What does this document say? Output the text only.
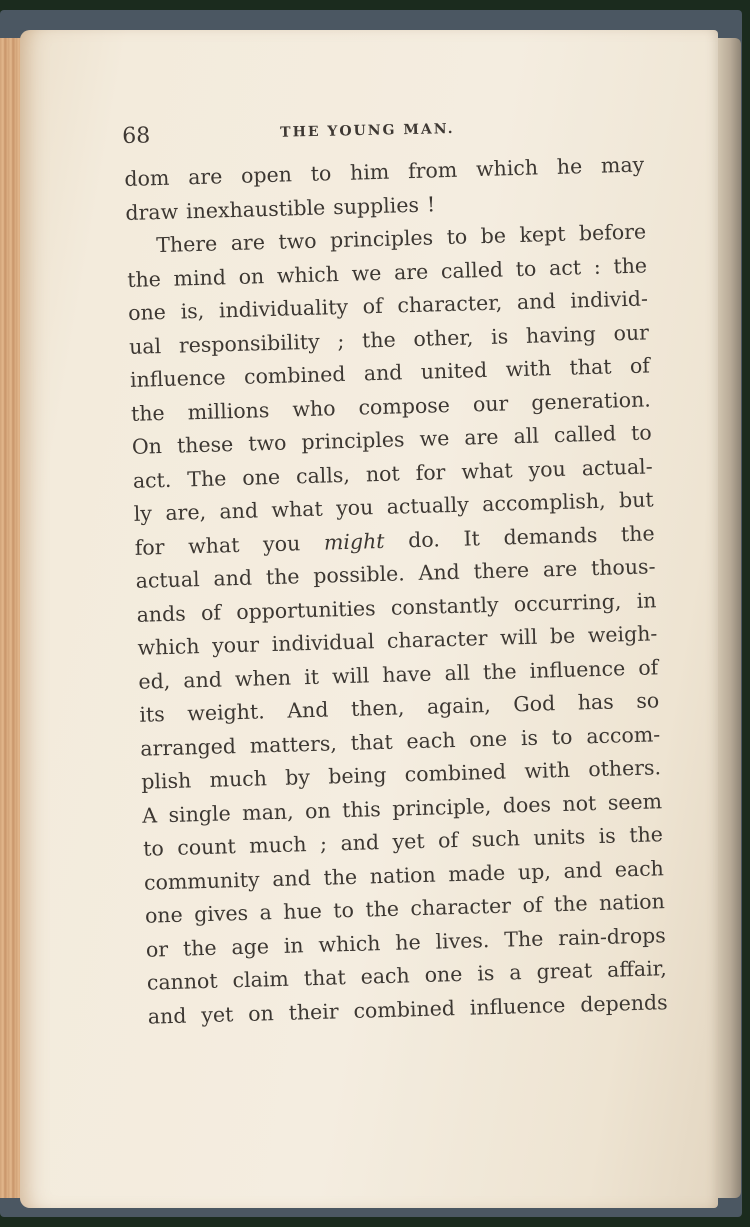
68	THE YOUNG MAN.
dom are open to him from which he may
draw inexhaustible supplies !
There are two principles to be kept before
the mind on which we are called to act : the
one is, individuality of character, and individ-
ual responsibility ; the other, is having our
influence combined and united with that of
the millions who compose our generation.
On these two principles we are all called to
act. The one calls, not for what you actual-
ly are, and what you actually accomplish, but
for what you might do. It demands the
actual and the possible. And there are thous-
ands of opportunities constantly occurring, in
which your individual character will be weigh-
ed, and when it will have all the influence of
its weight. And then, again, God has so
arranged matters, that each one is to accom-
plish much by being combined with others.
A single man, on this principle, does not seem
to count much ; and yet of such units is the
community and the nation made up, and each
one gives a hue to the character of the nation
or the age in which he lives. The rain-drops
cannot claim that each one is a great affair,
and yet on their combined influence depends
